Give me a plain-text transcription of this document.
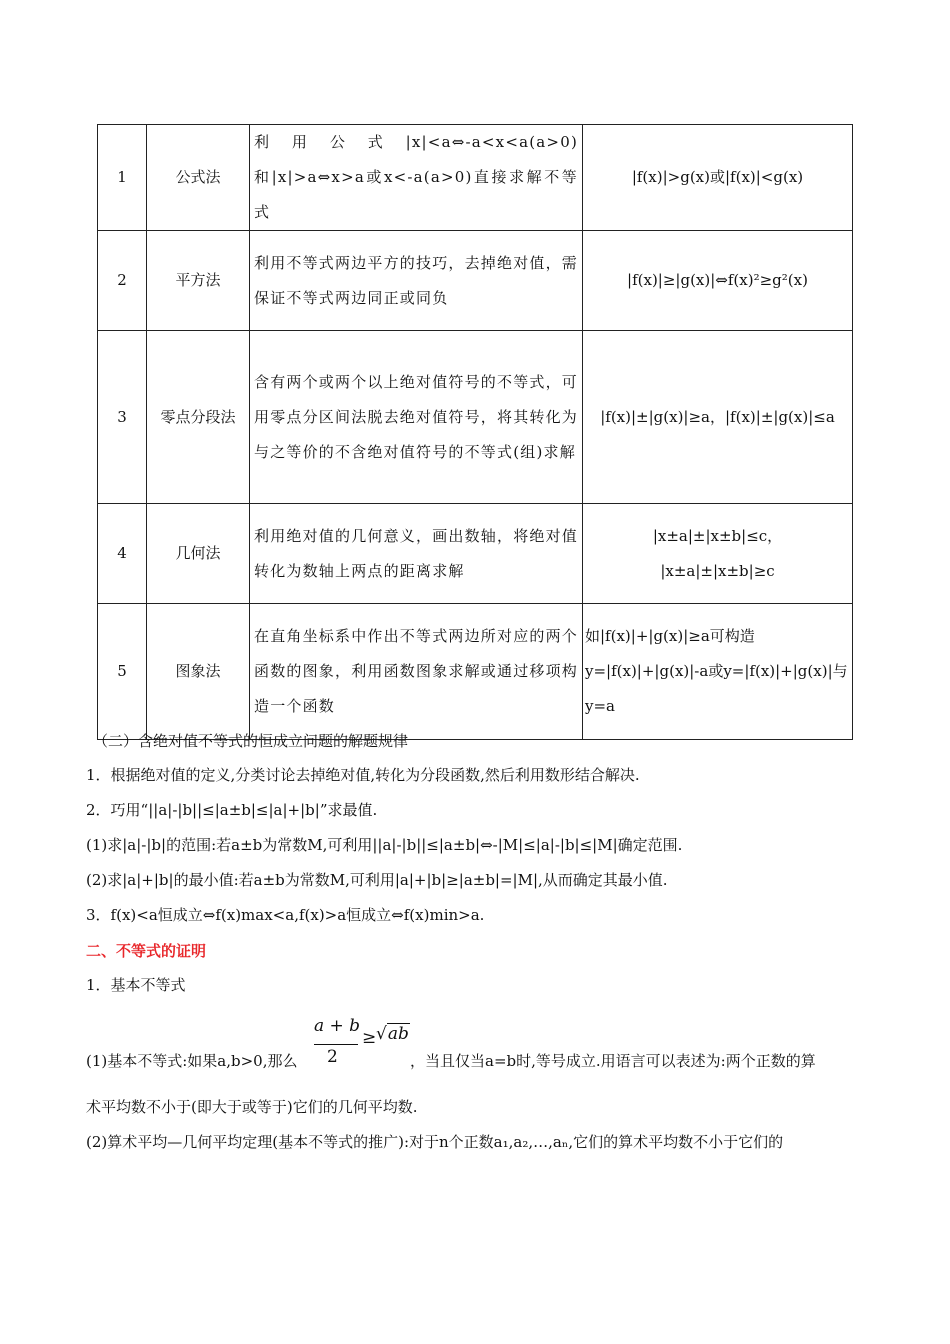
1	公式法	利用公式|x|<a⇔-a<x<a(a>0)和|x|>a⇔x>a或x<-a(a>0)直接求解不等式	|f(x)|>g(x)或|f(x)|<g(x)

2	平方法	利用不等式两边平方的技巧，去掉绝对值，需保证不等式两边同正或同负	|f(x)|≥|g(x)|⇔f(x)²≥g²(x)

3	零点分段法	含有两个或两个以上绝对值符号的不等式，可用零点分区间法脱去绝对值符号，将其转化为与之等价的不含绝对值符号的不等式(组)求解	|f(x)|±|g(x)|≥a，|f(x)|±|g(x)|≤a

4	几何法	利用绝对值的几何意义，画出数轴，将绝对值转化为数轴上两点的距离求解	|x±a|±|x±b|≤c，
|x±a|±|x±b|≥c

5	图象法	在直角坐标系中作出不等式两边所对应的两个函数的图象，利用函数图象求解或通过移项构造一个函数	如|f(x)|+|g(x)|≥a可构造y=|f(x)|+|g(x)|-a或y=|f(x)|+|g(x)|与y=a
（二）含绝对值不等式的恒成立问题的解题规律
1．根据绝对值的定义,分类讨论去掉绝对值,转化为分段函数,然后利用数形结合解决.
2．巧用“||a|-|b||≤|a±b|≤|a|+|b|”求最值.
(1)求|a|-|b|的范围:若a±b为常数M,可利用||a|-|b||≤|a±b|⇔-|M|≤|a|-|b|≤|M|确定范围.
(2)求|a|+|b|的最小值:若a±b为常数M,可利用|a|+|b|≥|a±b|=|M|,从而确定其最小值.
3．f(x)<a恒成立⇔f(x)max<a,f(x)>a恒成立⇔f(x)min>a.
二、不等式的证明
1．基本不等式
(1)基本不等式:如果a,b>0,那么
a + b
2
≥ √ab
，当且仅当a=b时,等号成立.用语言可以表述为:两个正数的算
术平均数不小于(即大于或等于)它们的几何平均数.
(2)算术平均—几何平均定理(基本不等式的推广):对于n个正数a₁,a₂,…,aₙ,它们的算术平均数不小于它们的
